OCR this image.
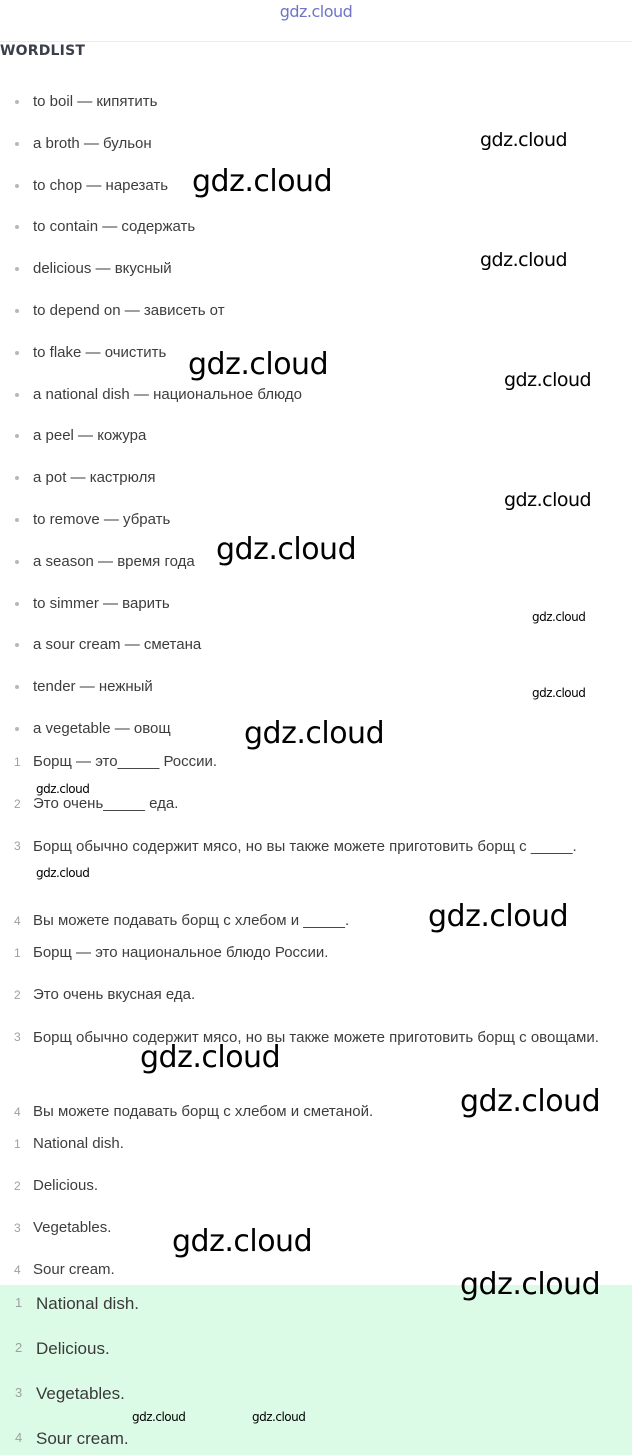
gdz.cloud
WORDLIST
to boil — кипятить
a broth — бульон
to chop — нарезать
to contain — содержать
delicious — вкусный
to depend on — зависеть от
to flake — очистить
a national dish — национальное блюдо
a peel — кожура
a pot — кастрюля
to remove — убрать
a season — время года
to simmer — варить
a sour cream — сметана
tender — нежный
a vegetable — овощ
1 Борщ — это_____ России.
2 Это очень_____ еда.
3 Борщ обычно содержит мясо, но вы также можете приготовить борщ с _____.
4 Вы можете подавать борщ с хлебом и _____.
1 Борщ — это национальное блюдо России.
2 Это очень вкусная еда.
3 Борщ обычно содержит мясо, но вы также можете приготовить борщ с овощами.
4 Вы можете подавать борщ с хлебом и сметаной.
1 National dish.
2 Delicious.
3 Vegetables.
4 Sour cream.
1 National dish.
2 Delicious.
3 Vegetables.
4 Sour cream.
gdz.cloud
gdz.cloud
gdz.cloud
gdz.cloud	gdz.cloud
gdz.cloud
gdz.cloud
gdz.cloud
gdz.cloud
gdz.cloud
gdz.cloud
gdz.cloud
gdz.cloud
gdz.cloud
gdz.cloud
gdz.cloud
gdz.cloud
gdz.cloud	gdz.cloud
